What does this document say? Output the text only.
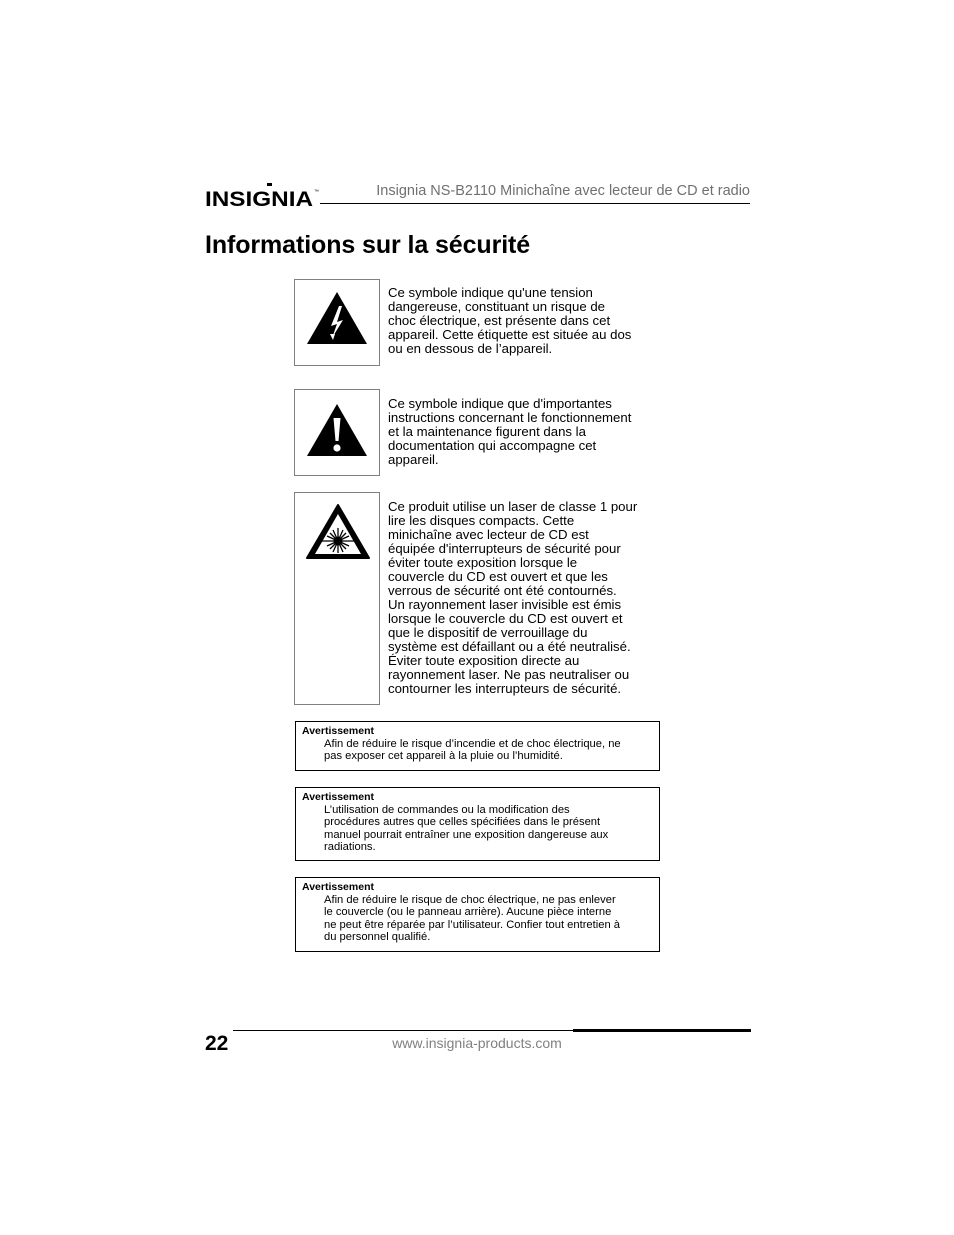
INSIGNIA ™	Insignia NS-B2110 Minichaîne avec lecteur de CD et radio
Informations sur la sécurité
Ce symbole indique qu'une tension
dangereuse, constituant un risque de
choc électrique, est présente dans cet
appareil. Cette étiquette est située au dos
ou en dessous de l’appareil.
Ce symbole indique que d'importantes
instructions concernant le fonctionnement
et la maintenance figurent dans la
documentation qui accompagne cet
appareil.
Ce produit utilise un laser de classe 1 pour
lire les disques compacts. Cette
minichaîne avec lecteur de CD est
équipée d'interrupteurs de sécurité pour
éviter toute exposition lorsque le
couvercle du CD est ouvert et que les
verrous de sécurité ont été contournés.
Un rayonnement laser invisible est émis
lorsque le couvercle du CD est ouvert et
que le dispositif de verrouillage du
système est défaillant ou a été neutralisé.
Éviter toute exposition directe au
rayonnement laser. Ne pas neutraliser ou
contourner les interrupteurs de sécurité.
Avertissement
Afin de réduire le risque d’incendie et de choc électrique, ne
pas exposer cet appareil à la pluie ou l’humidité.
Avertissement
L’utilisation de commandes ou la modification des
procédures autres que celles spécifiées dans le présent
manuel pourrait entraîner une exposition dangereuse aux
radiations.
Avertissement
Afin de réduire le risque de choc électrique, ne pas enlever
le couvercle (ou le panneau arrière). Aucune pièce interne
ne peut être réparée par l’utilisateur. Confier tout entretien à
du personnel qualifié.
22	www.insignia-products.com
